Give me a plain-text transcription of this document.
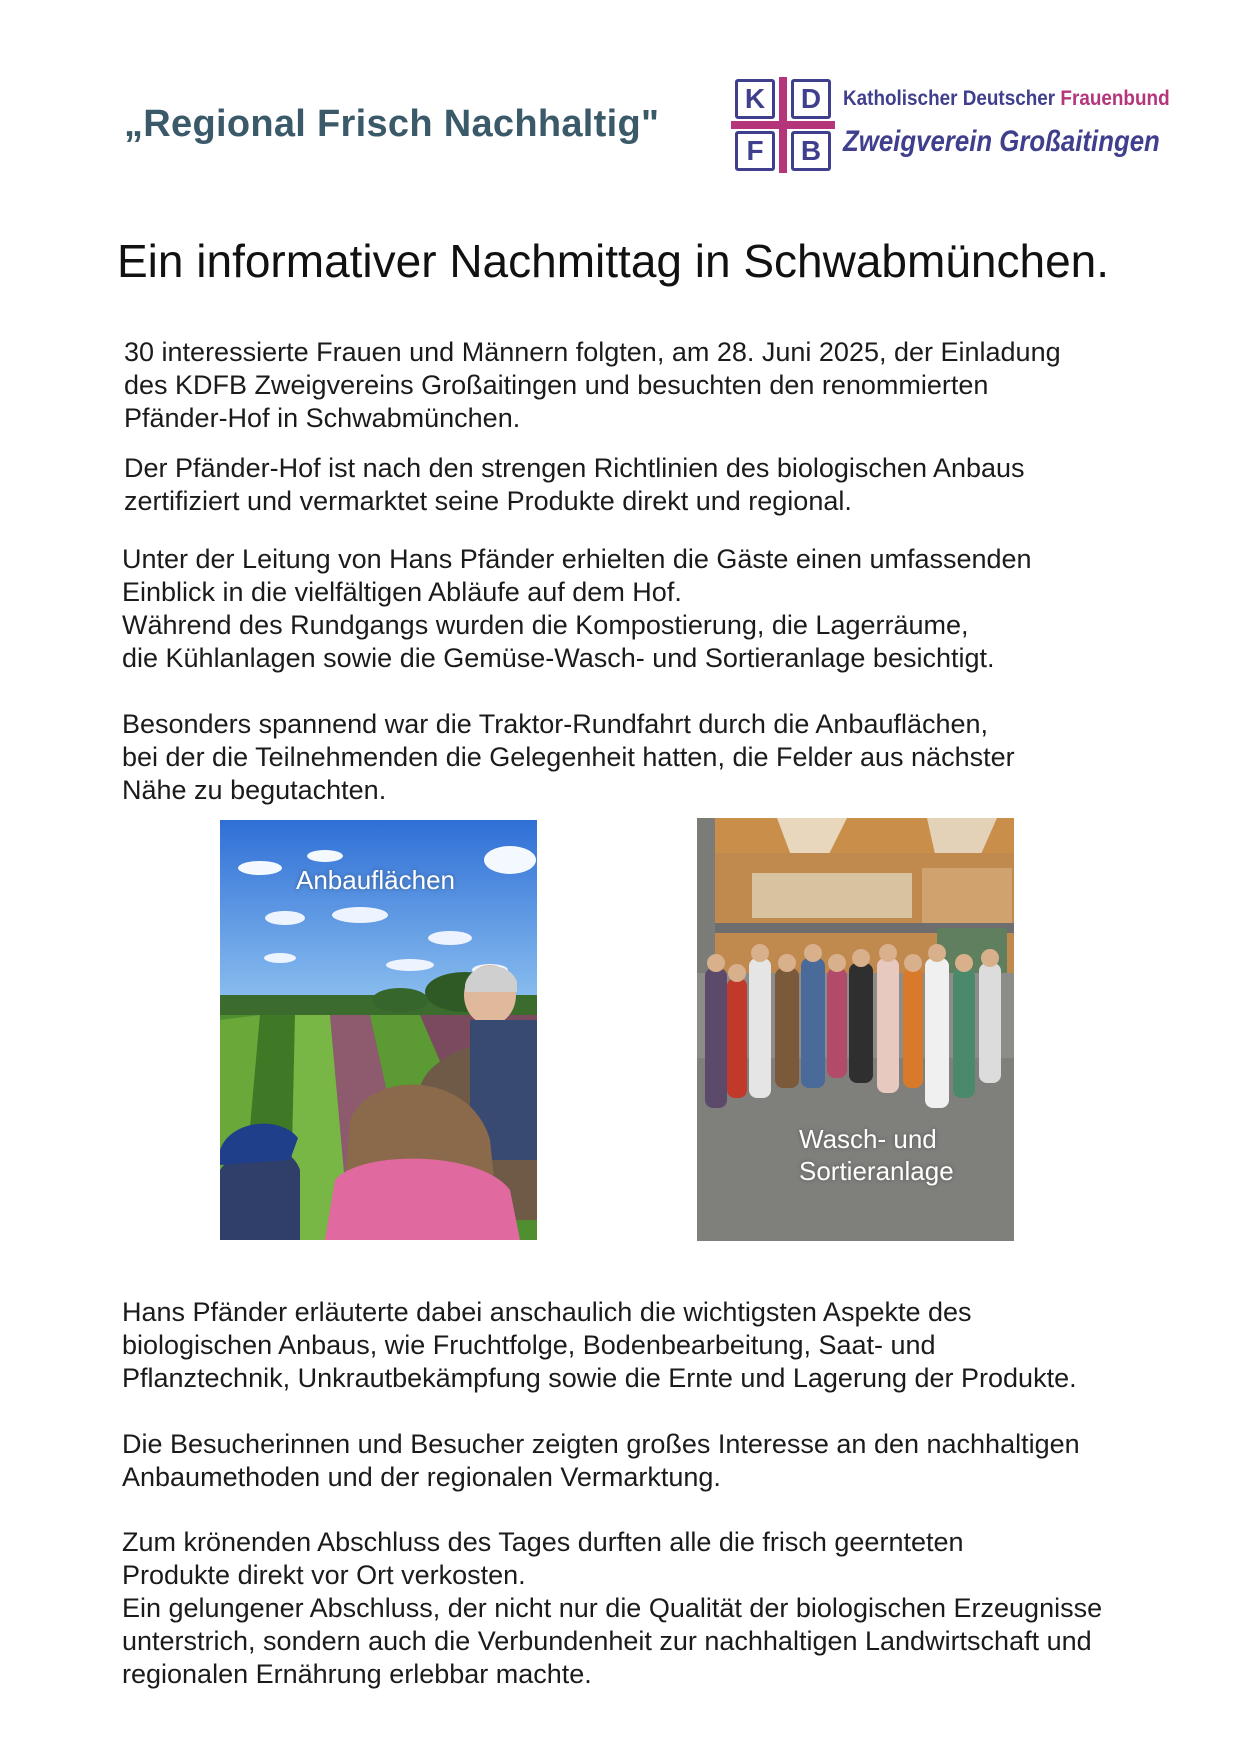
„Regional Frisch Nachhaltig"
K	D
F	B
Katholischer Deutscher Frauenbund
Zweigverein Großaitingen
Ein informativer Nachmittag in Schwabmünchen.

30 interessierte Frauen und Männern folgten, am 28. Juni 2025, der Einladung
des KDFB Zweigvereins Großaitingen und besuchten den renommierten
Pfänder-Hof in Schwabmünchen.

Der Pfänder-Hof ist nach den strengen Richtlinien des biologischen Anbaus
zertifiziert und vermarktet seine Produkte direkt und regional.

Unter der Leitung von Hans Pfänder erhielten die Gäste einen umfassenden
Einblick in die vielfältigen Abläufe auf dem Hof.
Während des Rundgangs wurden die Kompostierung, die Lagerräume,
die Kühlanlagen sowie die Gemüse-Wasch- und Sortieranlage besichtigt.

Besonders spannend war die Traktor-Rundfahrt durch die Anbauflächen,
bei der die Teilnehmenden die Gelegenheit hatten, die Felder aus nächster
Nähe zu begutachten.

Anbauflächen
Wasch- und
Sortieranlage

Hans Pfänder erläuterte dabei anschaulich die wichtigsten Aspekte des
biologischen Anbaus, wie Fruchtfolge, Bodenbearbeitung, Saat- und
Pflanztechnik, Unkrautbekämpfung sowie die Ernte und Lagerung der Produkte.

Die Besucherinnen und Besucher zeigten großes Interesse an den nachhaltigen
Anbaumethoden und der regionalen Vermarktung.

Zum krönenden Abschluss des Tages durften alle die frisch geernteten
Produkte direkt vor Ort verkosten.
Ein gelungener Abschluss, der nicht nur die Qualität der biologischen Erzeugnisse
unterstrich, sondern auch die Verbundenheit zur nachhaltigen Landwirtschaft und
regionalen Ernährung erlebbar machte.
